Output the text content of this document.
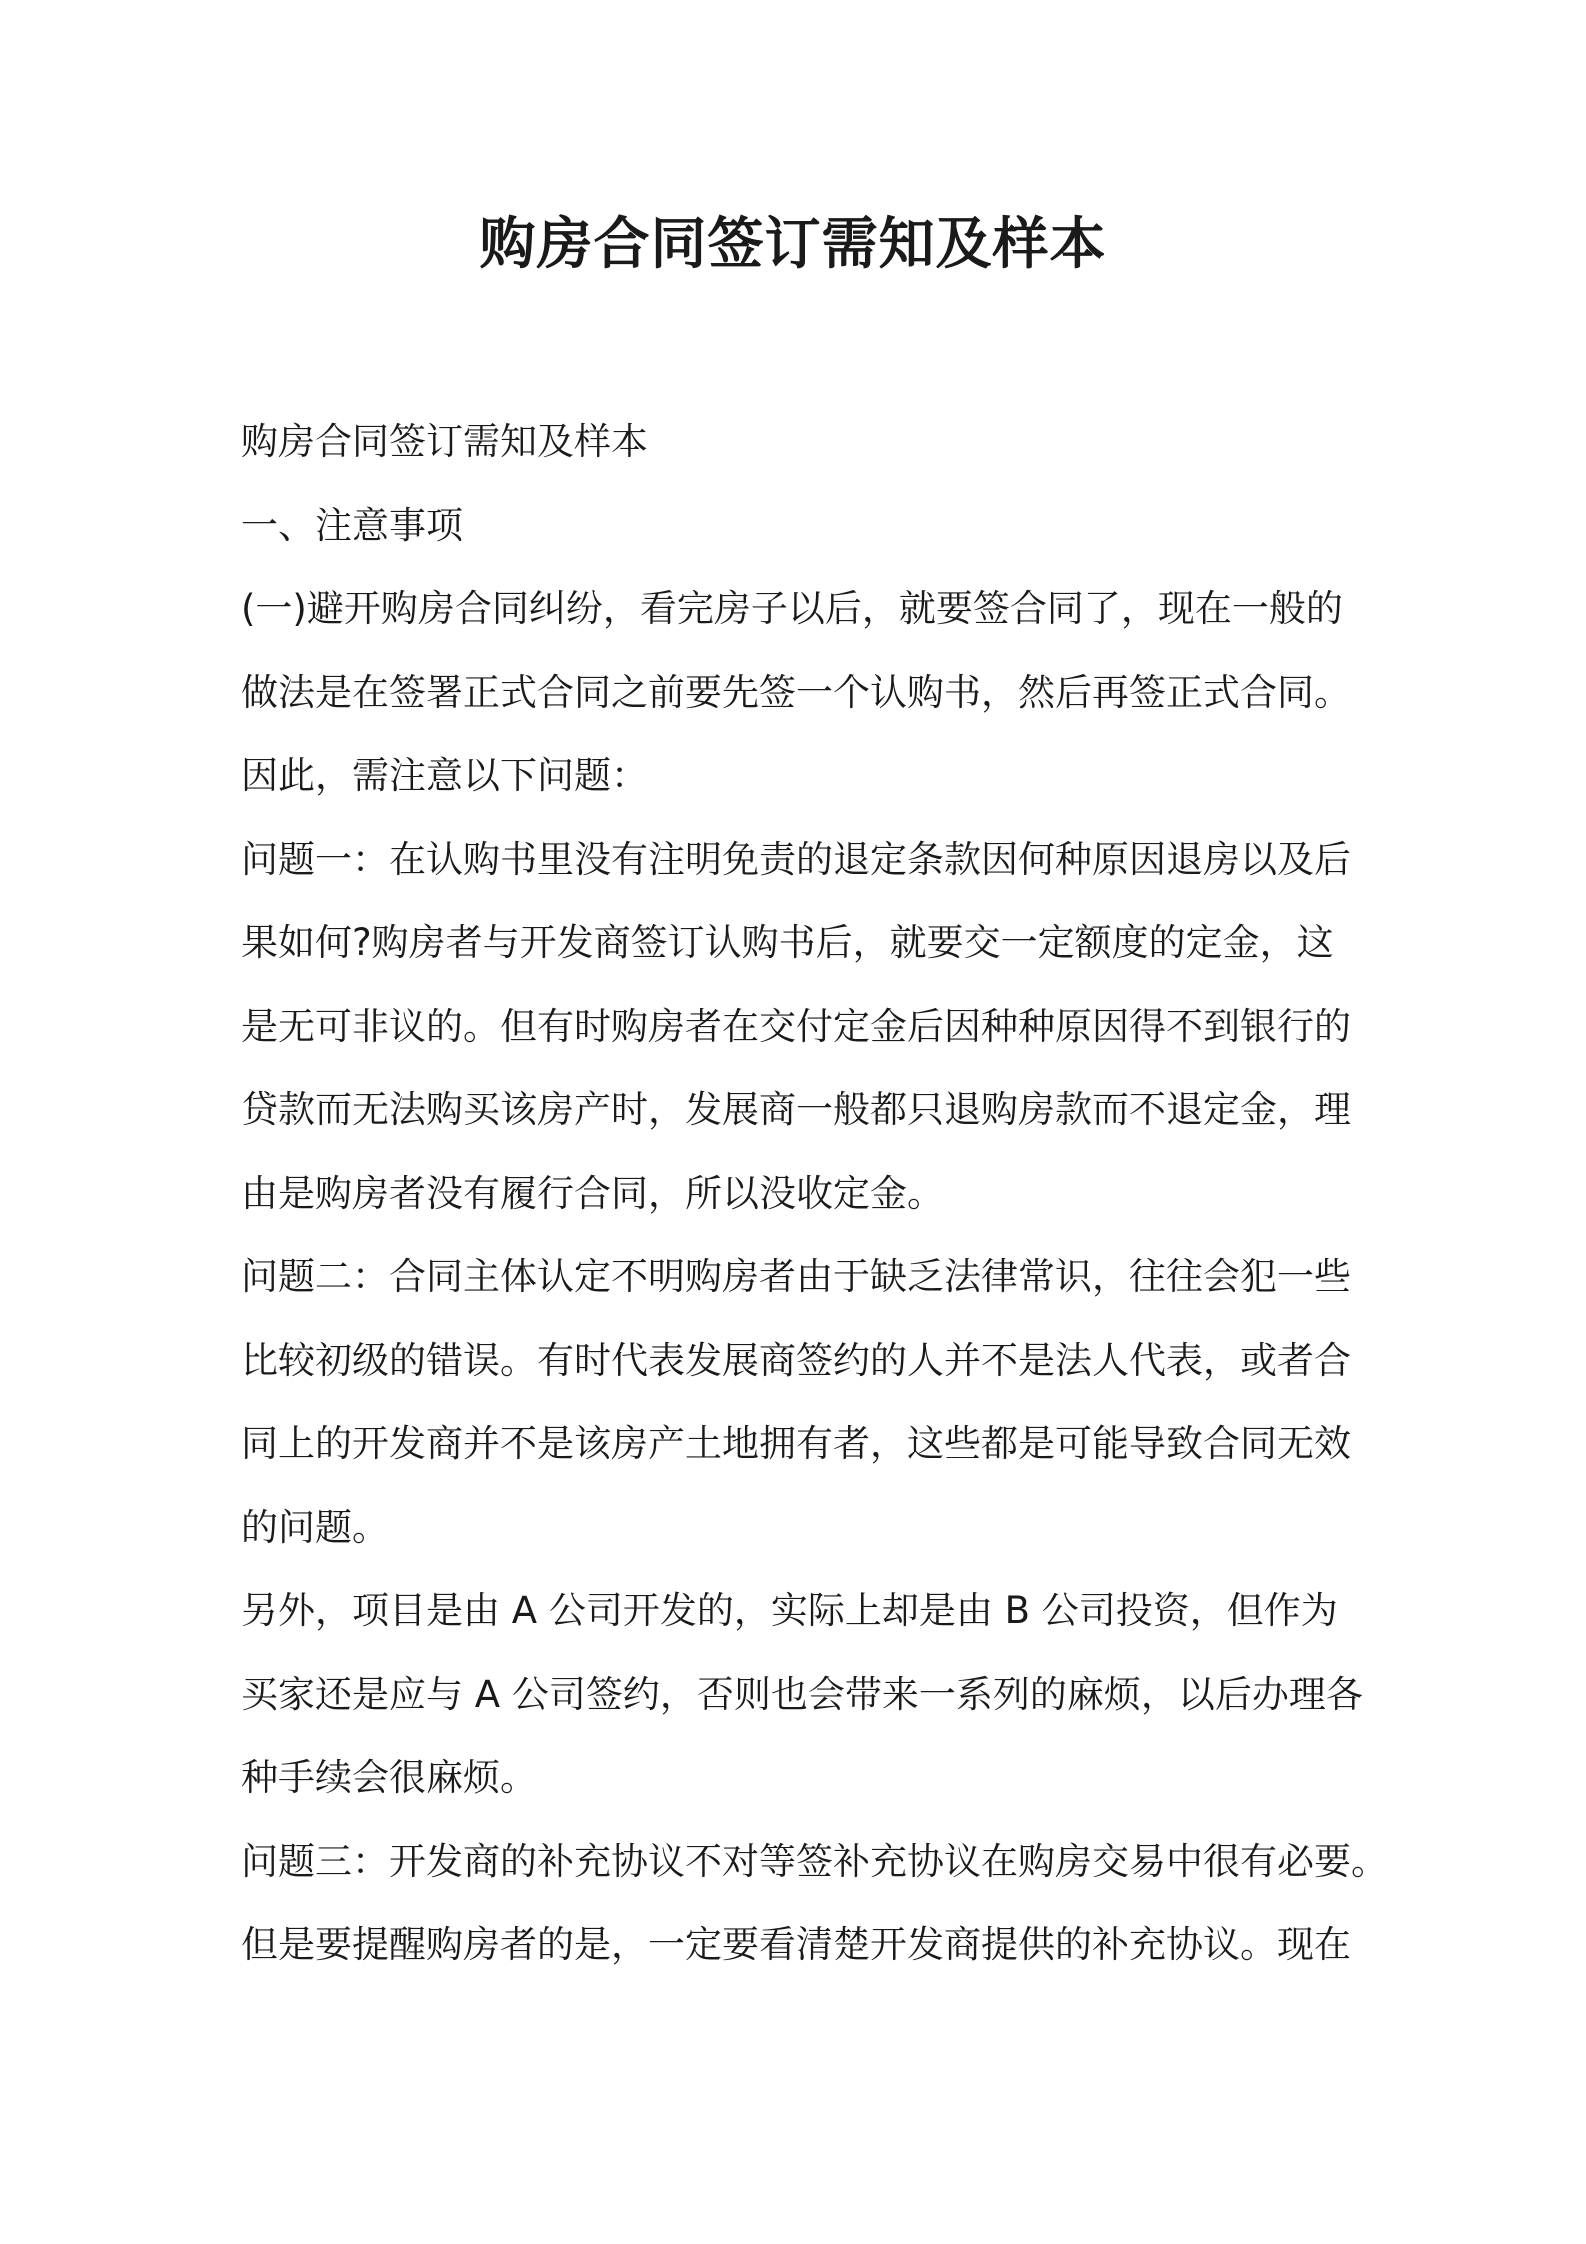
购房合同签订需知及样本

购房合同签订需知及样本

一、注意事项

(一)避开购房合同纠纷，看完房子以后，就要签合同了，现在一般的

做法是在签署正式合同之前要先签一个认购书，然后再签正式合同。

因此，需注意以下问题：

问题一：在认购书里没有注明免责的退定条款因何种原因退房以及后

果如何?购房者与开发商签订认购书后，就要交一定额度的定金，这

是无可非议的。但有时购房者在交付定金后因种种原因得不到银行的

贷款而无法购买该房产时，发展商一般都只退购房款而不退定金，理

由是购房者没有履行合同，所以没收定金。

问题二：合同主体认定不明购房者由于缺乏法律常识，往往会犯一些

比较初级的错误。有时代表发展商签约的人并不是法人代表，或者合

同上的开发商并不是该房产土地拥有者，这些都是可能导致合同无效

的问题。

另外，项目是由 A 公司开发的，实际上却是由 B 公司投资，但作为

买家还是应与 A 公司签约，否则也会带来一系列的麻烦，以后办理各

种手续会很麻烦。

问题三：开发商的补充协议不对等签补充协议在购房交易中很有必要。

但是要提醒购房者的是，一定要看清楚开发商提供的补充协议。现在
